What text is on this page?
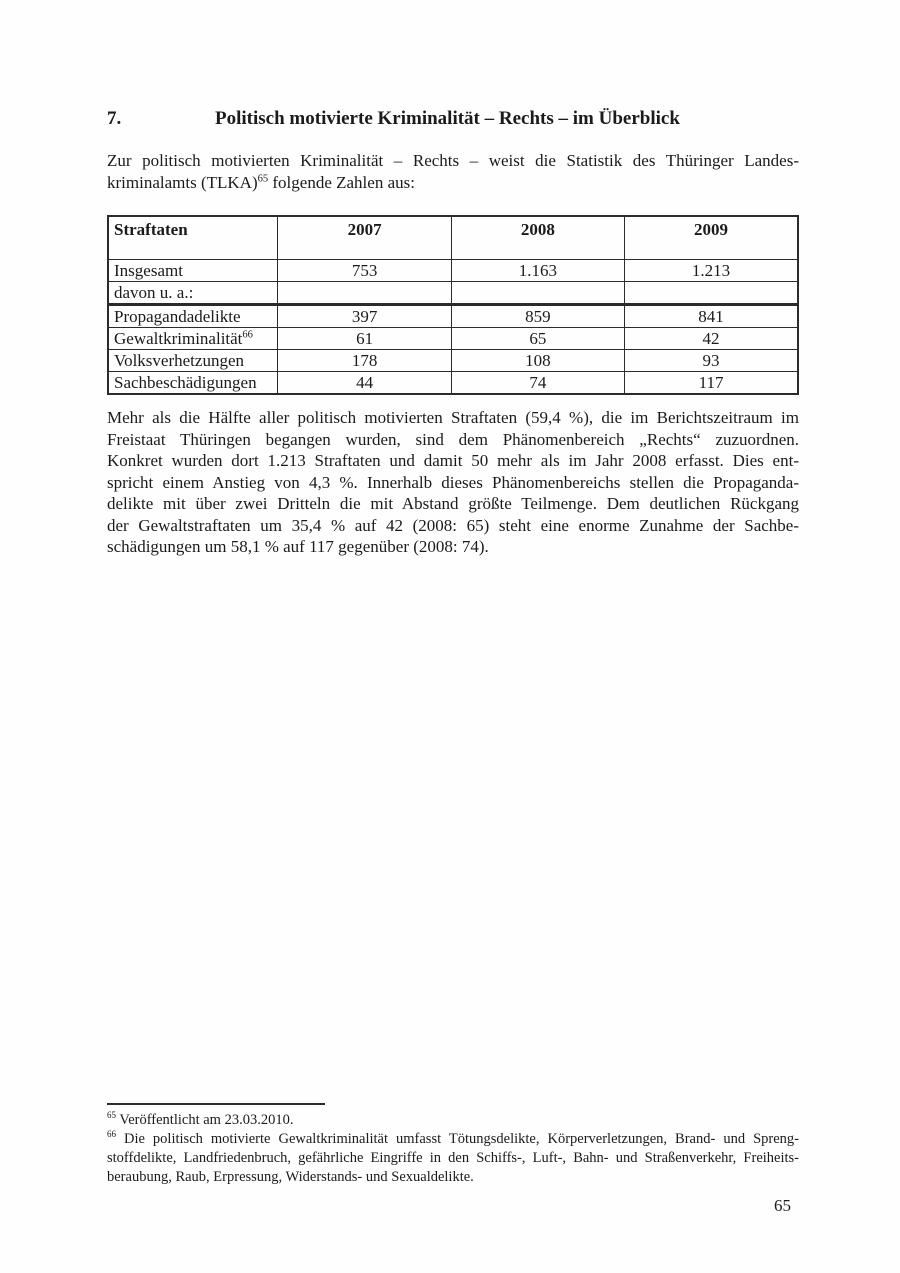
7.	Politisch motivierte Kriminalität – Rechts – im Überblick
Zur politisch motivierten Kriminalität – Rechts – weist die Statistik des Thüringer Landes-
kriminalamts (TLKA)$^{65}$ folgende Zahlen aus:
Straftaten	2007	2008	2009
Insgesamt	753	1.163	1.213
davon u. a.:			
Propagandadelikte	397	859	841
Gewaltkriminalität$^{66}$	61	65	42
Volksverhetzungen	178	108	93
Sachbeschädigungen	44	74	117
Mehr als die Hälfte aller politisch motivierten Straftaten (59,4 %), die im Berichtszeitraum im
Freistaat Thüringen begangen wurden, sind dem Phänomenbereich „Rechts“ zuzuordnen.
Konkret wurden dort 1.213 Straftaten und damit 50 mehr als im Jahr 2008 erfasst. Dies ent-
spricht einem Anstieg von 4,3 %. Innerhalb dieses Phänomenbereichs stellen die Propaganda-
delikte mit über zwei Dritteln die mit Abstand größte Teilmenge. Dem deutlichen Rückgang
der Gewaltstraftaten um 35,4 % auf 42 (2008: 65) steht eine enorme Zunahme der Sachbe-
schädigungen um 58,1 % auf 117 gegenüber (2008: 74).
$^{65}$ Veröffentlicht am 23.03.2010.
$^{66}$ Die politisch motivierte Gewaltkriminalität umfasst Tötungsdelikte, Körperverletzungen, Brand- und Spreng-
stoffdelikte, Landfriedenbruch, gefährliche Eingriffe in den Schiffs-, Luft-, Bahn- und Straßenverkehr, Freiheits-
beraubung, Raub, Erpressung, Widerstands- und Sexualdelikte.
65
